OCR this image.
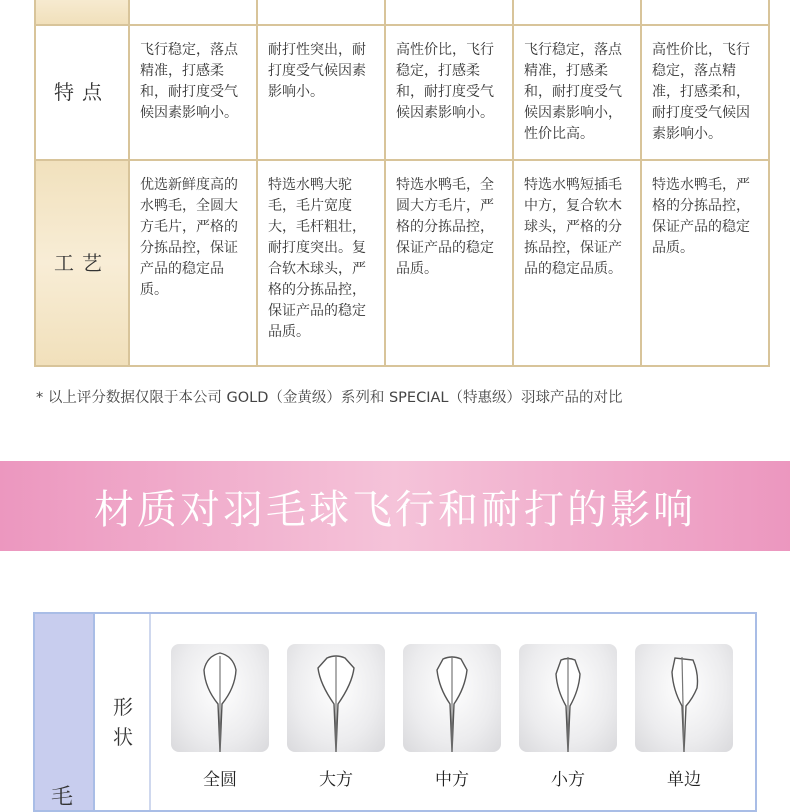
特点	飞行稳定，落点精准，打感柔和，耐打度受气候因素影响小。	耐打性突出，耐打度受气候因素影响小。	高性价比，飞行稳定，打感柔和，耐打度受气候因素影响小。	飞行稳定，落点精准，打感柔和，耐打度受气候因素影响小，性价比高。	高性价比，飞行稳定，落点精准，打感柔和，耐打度受气候因素影响小。

工艺	优选新鲜度高的水鸭毛，全圆大方毛片，严格的分拣品控，保证产品的稳定品质。	特选水鸭大驼毛，毛片宽度大，毛杆粗壮，耐打度突出。复合软木球头，严格的分拣品控，保证产品的稳定品质。	特选水鸭毛，全圆大方毛片，严格的分拣品控，保证产品的稳定品质。	特选水鸭短插毛中方，复合软木球头，严格的分拣品控，保证产品的稳定品质。	特选水鸭毛，严格的分拣品控，保证产品的稳定品质。
* 以上评分数据仅限于本公司 GOLD（金黄级）系列和 SPECIAL（特惠级）羽球产品的对比
材质对羽毛球飞行和耐打的影响
毛
形状
全圆	大方	中方	小方	单边
